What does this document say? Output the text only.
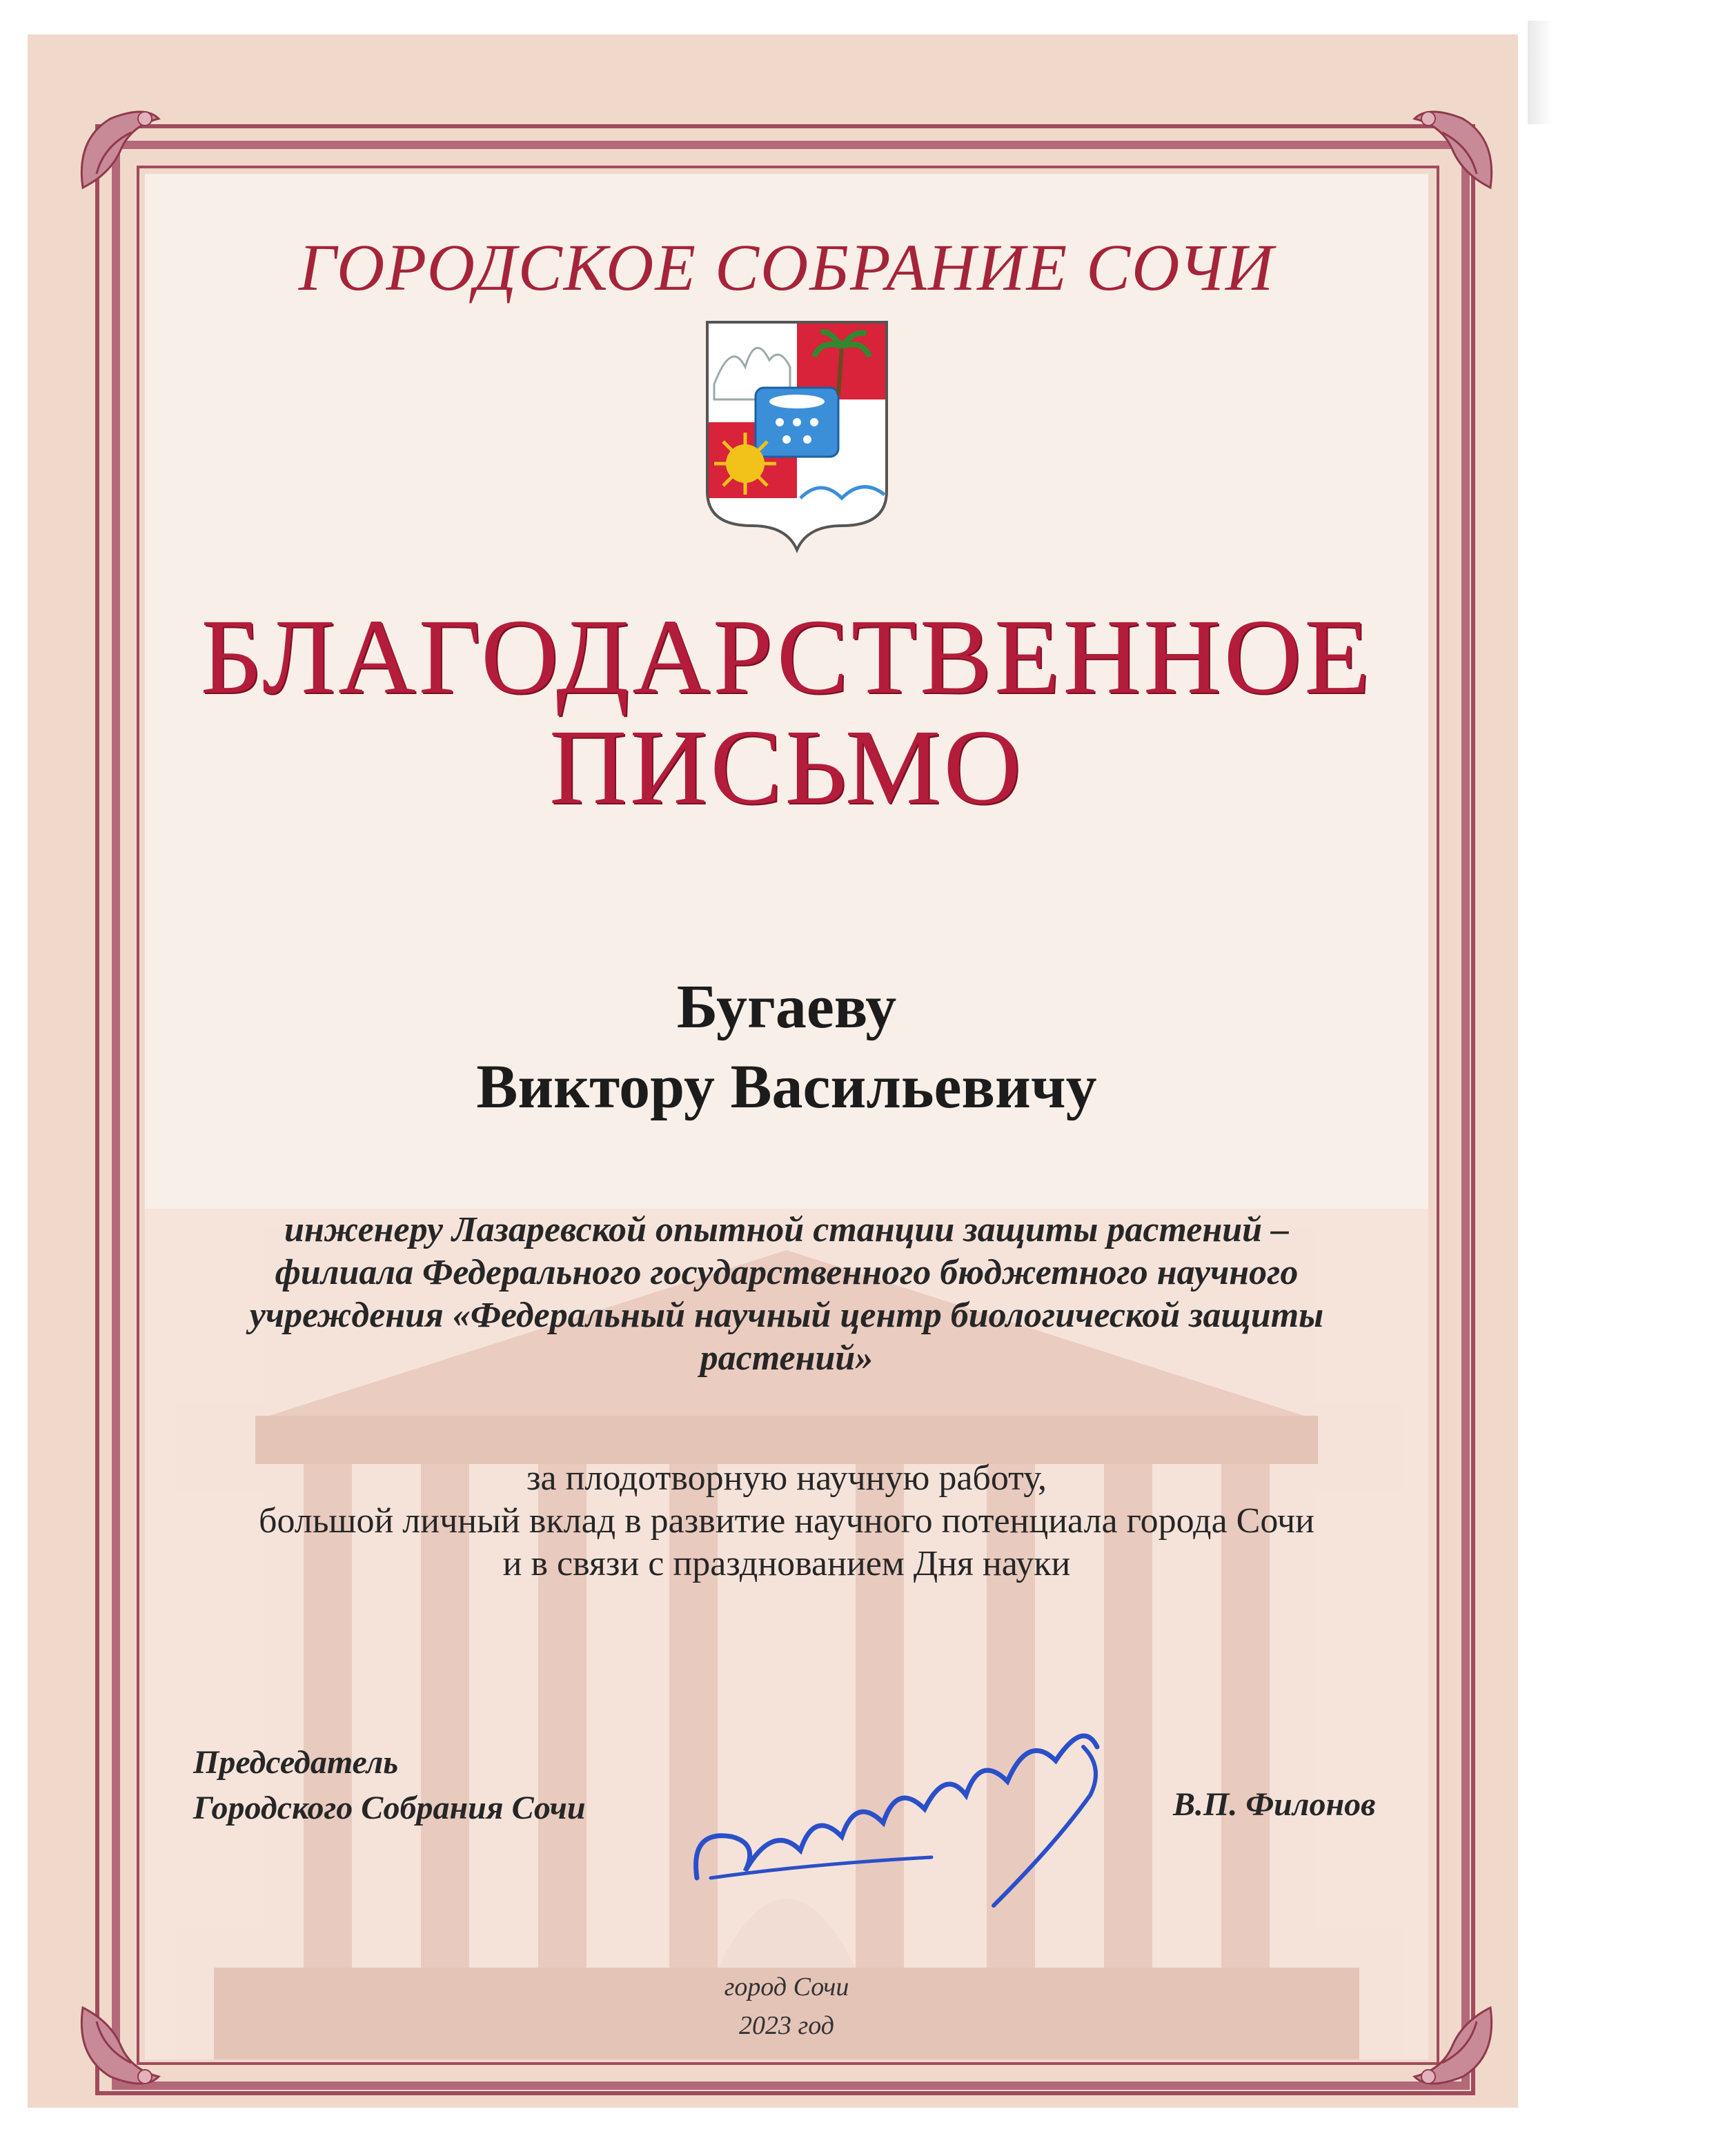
ГОРОДСКОЕ СОБРАНИЕ СОЧИ
БЛАГОДАРСТВЕННОЕ
ПИСЬМО
Бугаеву
Виктору Васильевичу
инженеру Лазаревской опытной станции защиты растений –
филиала Федерального государственного бюджетного научного
учреждения «Федеральный научный центр биологической защиты
растений»
за плодотворную научную работу,
большой личный вклад в развитие научного потенциала города Сочи
и в связи с празднованием Дня науки
Председатель
Городского Собрания Сочи	В.П. Филонов
город Сочи
2023 год
